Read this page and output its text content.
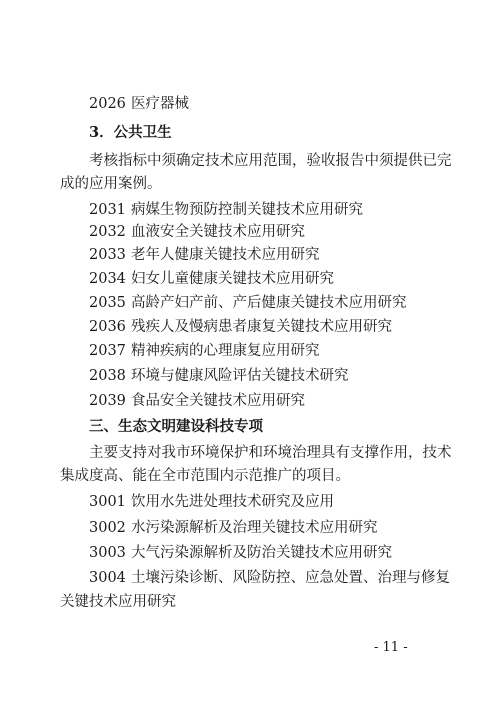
2026 医疗器械
3．公共卫生
考核指标中须确定技术应用范围，验收报告中须提供已完
成的应用案例。
2031 病媒生物预防控制关键技术应用研究
2032 血液安全关键技术应用研究
2033 老年人健康关键技术应用研究
2034 妇女儿童健康关键技术应用研究
2035 高龄产妇产前、产后健康关键技术应用研究
2036 残疾人及慢病患者康复关键技术应用研究
2037 精神疾病的心理康复应用研究
2038 环境与健康风险评估关键技术研究
2039 食品安全关键技术应用研究
三、生态文明建设科技专项
主要支持对我市环境保护和环境治理具有支撑作用，技术
集成度高、能在全市范围内示范推广的项目。
3001 饮用水先进处理技术研究及应用
3002 水污染源解析及治理关键技术应用研究
3003 大气污染源解析及防治关键技术应用研究
3004 土壤污染诊断、风险防控、应急处置、治理与修复
关键技术应用研究
- 11 -
